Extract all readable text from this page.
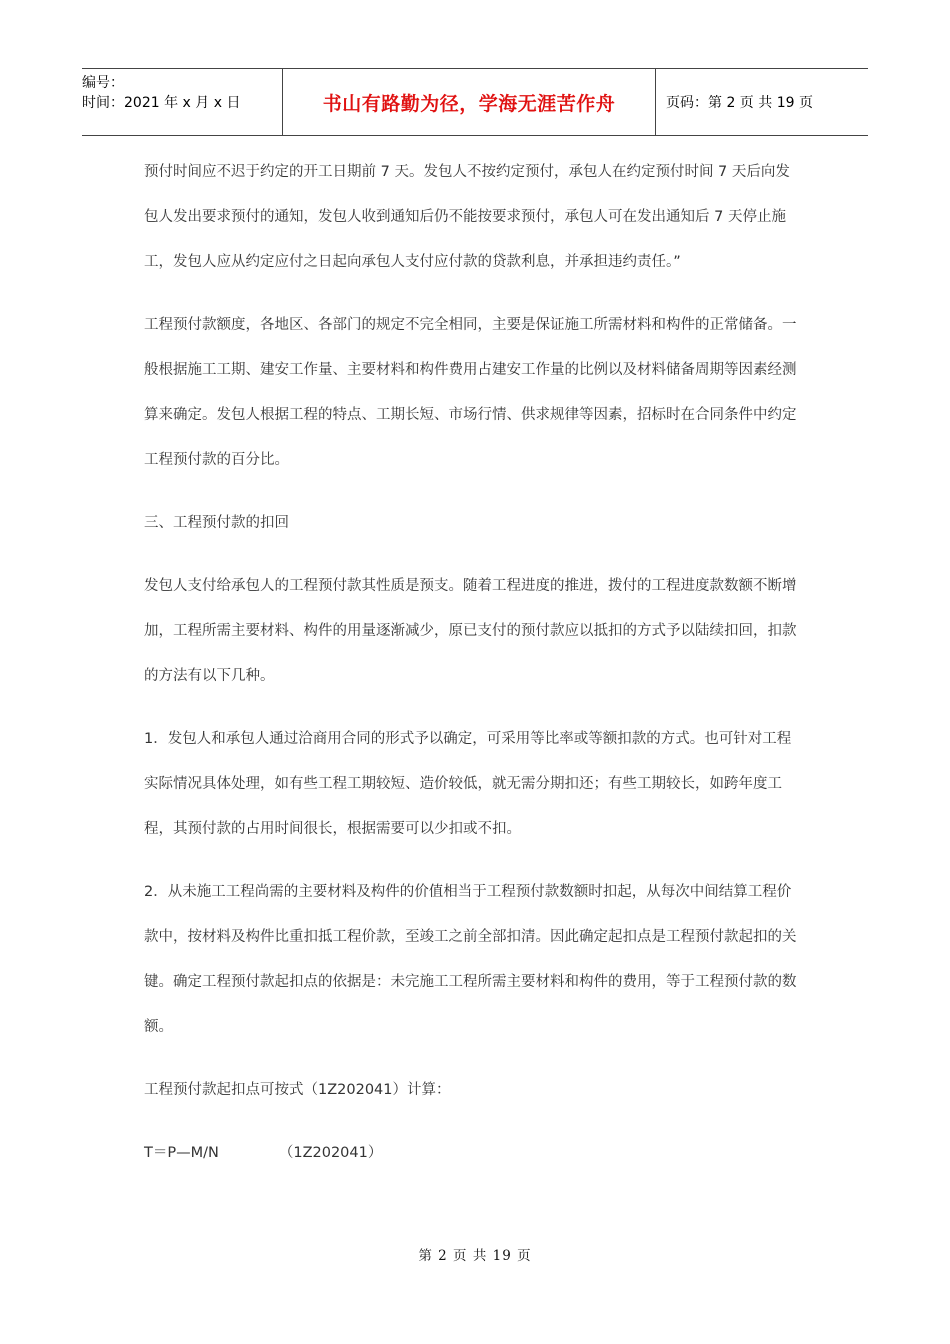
编号：
时间：2021 年 x 月 x 日	书山有路勤为径，学海无涯苦作舟	页码：第 2 页 共 19 页

预付时间应不迟于约定的开工日期前 7 天。发包人不按约定预付，承包人在约定预付时间 7 天后向发包人发出要求预付的通知，发包人收到通知后仍不能按要求预付，承包人可在发出通知后 7 天停止施工，发包人应从约定应付之日起向承包人支付应付款的贷款利息，并承担违约责任。”

工程预付款额度，各地区、各部门的规定不完全相同，主要是保证施工所需材料和构件的正常储备。一般根据施工工期、建安工作量、主要材料和构件费用占建安工作量的比例以及材料储备周期等因素经测算来确定。发包人根据工程的特点、工期长短、市场行情、供求规律等因素，招标时在合同条件中约定工程预付款的百分比。

三、工程预付款的扣回

发包人支付给承包人的工程预付款其性质是预支。随着工程进度的推进，拨付的工程进度款数额不断增加，工程所需主要材料、构件的用量逐渐减少，原已支付的预付款应以抵扣的方式予以陆续扣回，扣款的方法有以下几种。

1．发包人和承包人通过洽商用合同的形式予以确定，可采用等比率或等额扣款的方式。也可针对工程实际情况具体处理，如有些工程工期较短、造价较低，就无需分期扣还；有些工期较长，如跨年度工程，其预付款的占用时间很长，根据需要可以少扣或不扣。

2．从未施工工程尚需的主要材料及构件的价值相当于工程预付款数额时扣起，从每次中间结算工程价款中，按材料及构件比重扣抵工程价款，至竣工之前全部扣清。因此确定起扣点是工程预付款起扣的关键。确定工程预付款起扣点的依据是：未完施工工程所需主要材料和构件的费用，等于工程预付款的数额。

工程预付款起扣点可按式（1Z202041）计算：

T＝P—M/N	（1Z202041）

第 2 页 共 19 页
